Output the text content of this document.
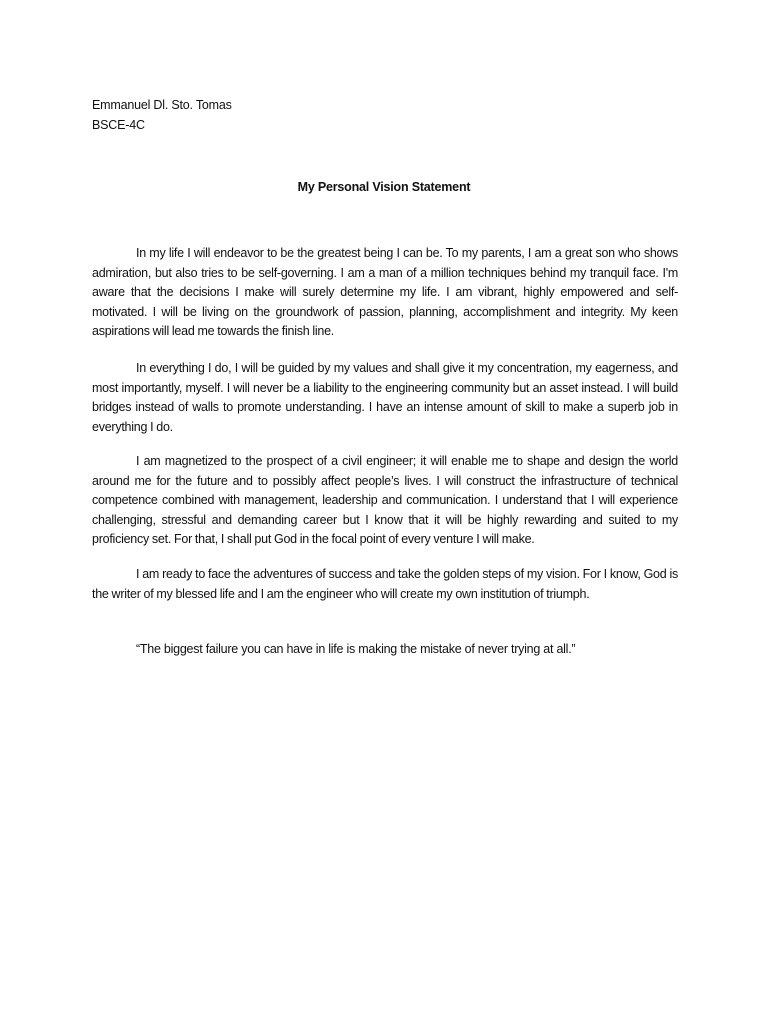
Emmanuel Dl. Sto. Tomas
BSCE-4C
My Personal Vision Statement

In my life I will endeavor to be the greatest being I can be. To my parents, I am a great son who shows admiration, but also tries to be self-governing. I am a man of a million techniques behind my tranquil face. I'm aware that the decisions I make will surely determine my life. I am vibrant, highly empowered and self-motivated. I will be living on the groundwork of passion, planning, accomplishment and integrity. My keen aspirations will lead me towards the finish line.

In everything I do, I will be guided by my values and shall give it my concentration, my eagerness, and most importantly, myself. I will never be a liability to the engineering community but an asset instead. I will build bridges instead of walls to promote understanding. I have an intense amount of skill to make a superb job in everything I do.

I am magnetized to the prospect of a civil engineer; it will enable me to shape and design the world around me for the future and to possibly affect people’s lives. I will construct the infrastructure of technical competence combined with management, leadership and communication. I understand that I will experience challenging, stressful and demanding career but I know that it will be highly rewarding and suited to my proficiency set. For that, I shall put God in the focal point of every venture I will make.

I am ready to face the adventures of success and take the golden steps of my vision. For I know, God is the writer of my blessed life and I am the engineer who will create my own institution of triumph.

“The biggest failure you can have in life is making the mistake of never trying at all.”
